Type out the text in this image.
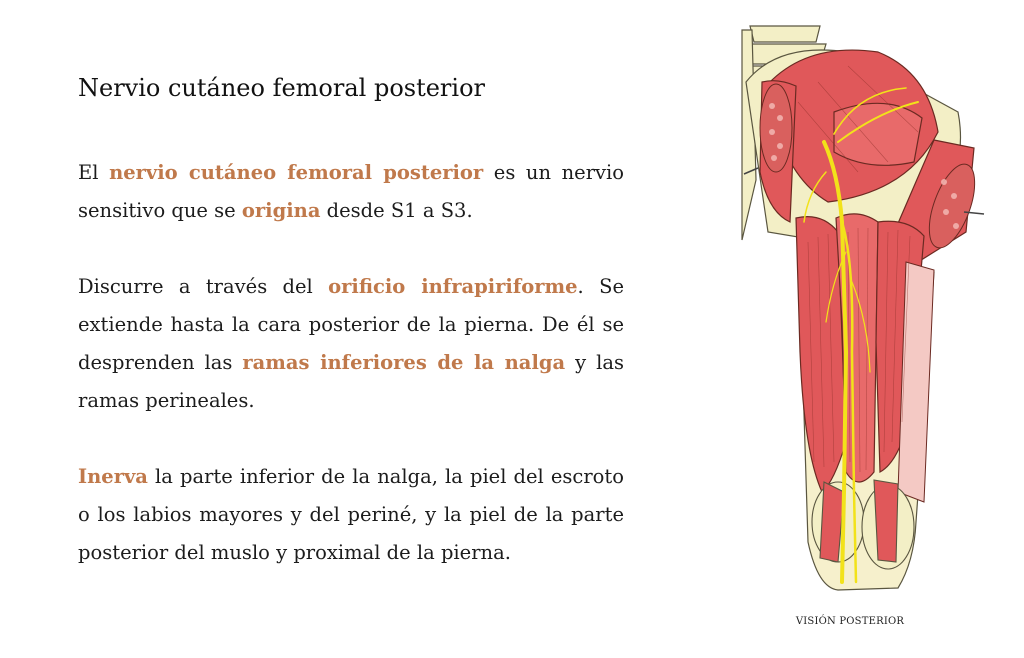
Nervio cutáneo femoral posterior

El nervio cutáneo femoral posterior es un nervio sensitivo que se origina desde S1 a S3.

Discurre a través del orificio infrapiriforme. Se extiende hasta la cara posterior de la pierna. De él se desprenden las ramas inferiores de la nalga y las ramas perineales.

Inerva la parte inferior de la nalga, la piel del escroto o los labios mayores y del periné, y la piel de la parte posterior del muslo y proximal de la pierna.

VISIÓN POSTERIOR
